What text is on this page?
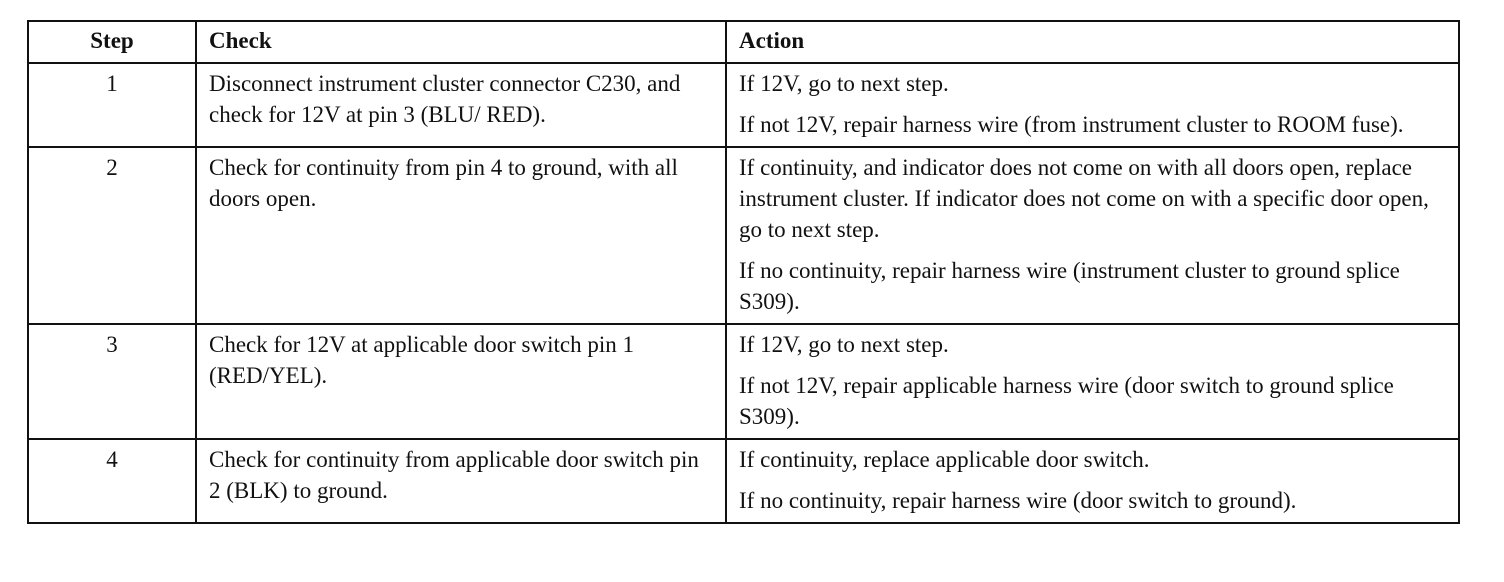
Step	Check	Action
1	Disconnect instrument cluster connector C230, and check for 12V at pin 3 (BLU/ RED).	If 12V, go to next step.
If not 12V, repair harness wire (from instrument cluster to ROOM fuse).

2	Check for continuity from pin 4 to ground, with all doors open.	If continuity, and indicator does not come on with all doors open, replace instrument cluster. If indicator does not come on with a specific door open, go to next step.
If no continuity, repair harness wire (instrument cluster to ground splice S309).

3	Check for 12V at applicable door switch pin 1 (RED/YEL).	If 12V, go to next step.
If not 12V, repair applicable harness wire (door switch to ground splice S309).

4	Check for continuity from applicable door switch pin 2 (BLK) to ground.	If continuity, replace applicable door switch.
If no continuity, repair harness wire (door switch to ground).
